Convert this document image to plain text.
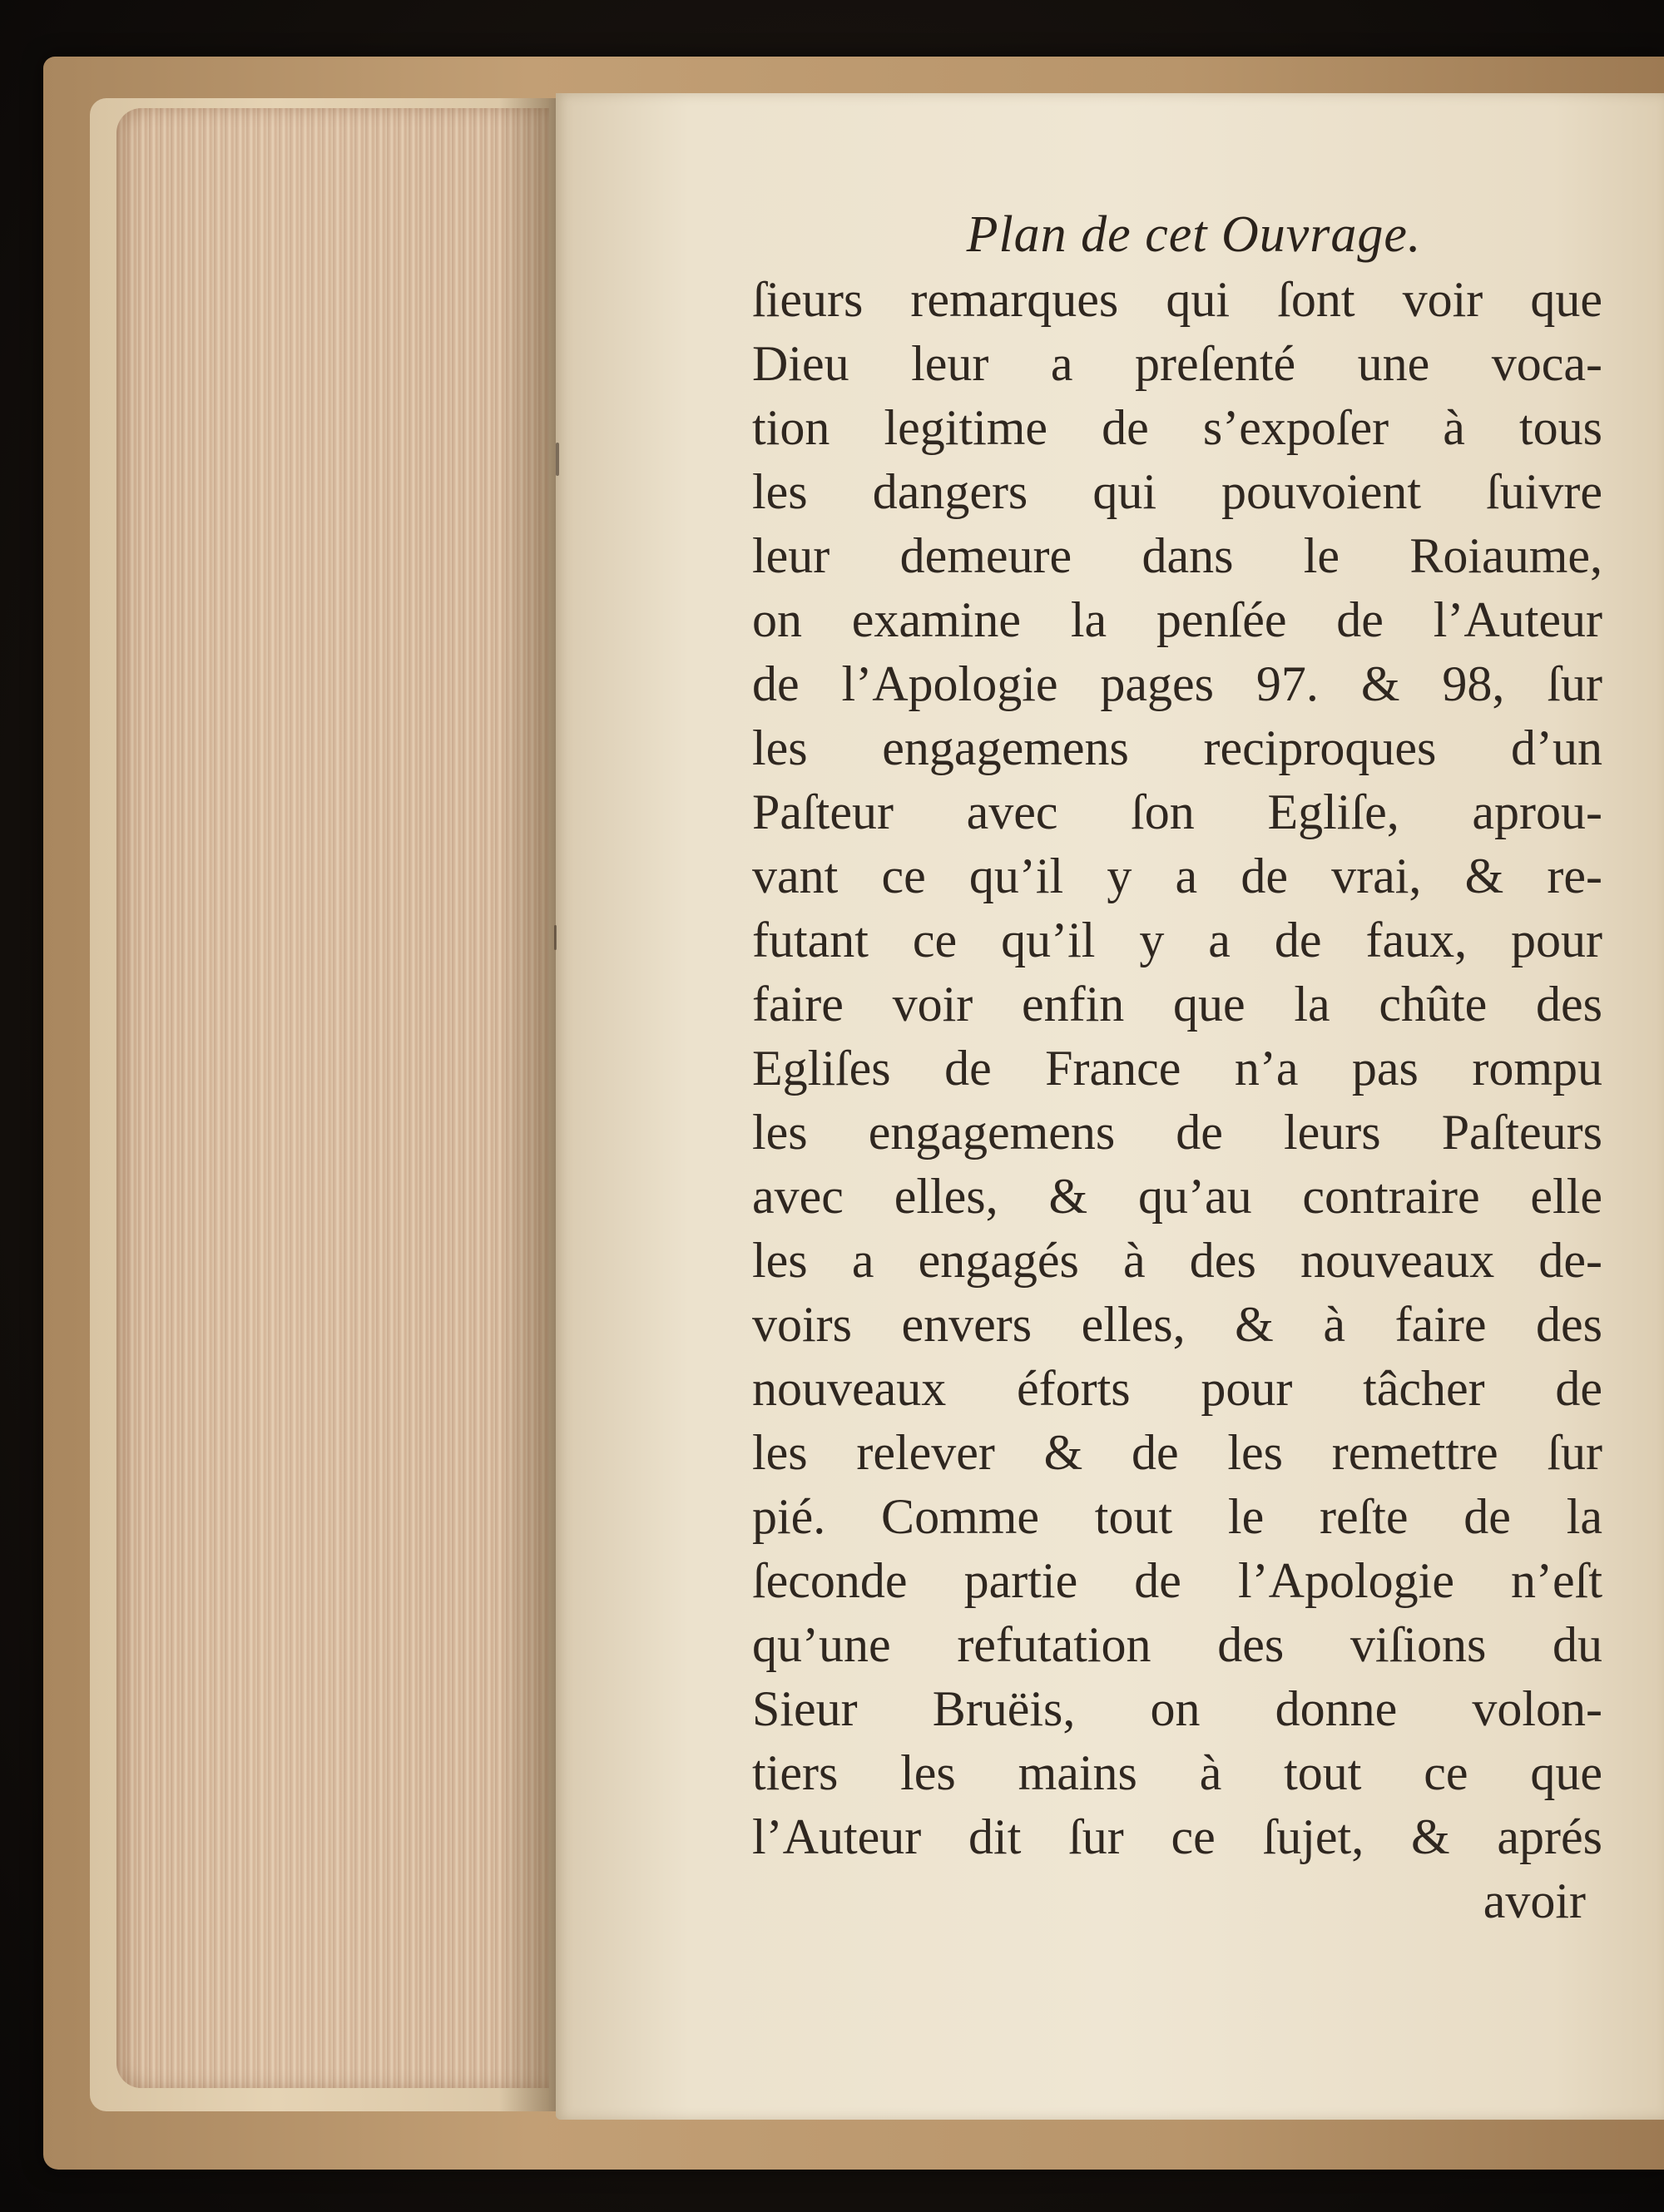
Plan de cet Ouvrage.
ſieurs remarques qui ſont voir que
Dieu leur a preſenté une voca-
tion legitime de s’expoſer à tous
les dangers qui pouvoient ſuivre
leur demeure dans le Roiaume,
on examine la penſée de l’Auteur
de l’Apologie pages 97. & 98, ſur
les engagemens reciproques d’un
Paſteur avec ſon Egliſe, aprou-
vant ce qu’il y a de vrai, & re-
futant ce qu’il y a de faux, pour
faire voir enfin que la chûte des
Egliſes de France n’a pas rompu
les engagemens de leurs Paſteurs
avec elles, & qu’au contraire elle
les a engagés à des nouveaux de-
voirs envers elles, & à faire des
nouveaux éforts pour tâcher de
les relever & de les remettre ſur
pié. Comme tout le reſte de la
ſeconde partie de l’Apologie n’eſt
qu’une refutation des viſions du
Sieur Bruëis, on donne volon-
tiers les mains à tout ce que
l’Auteur dit ſur ce ſujet, & aprés
avoir
